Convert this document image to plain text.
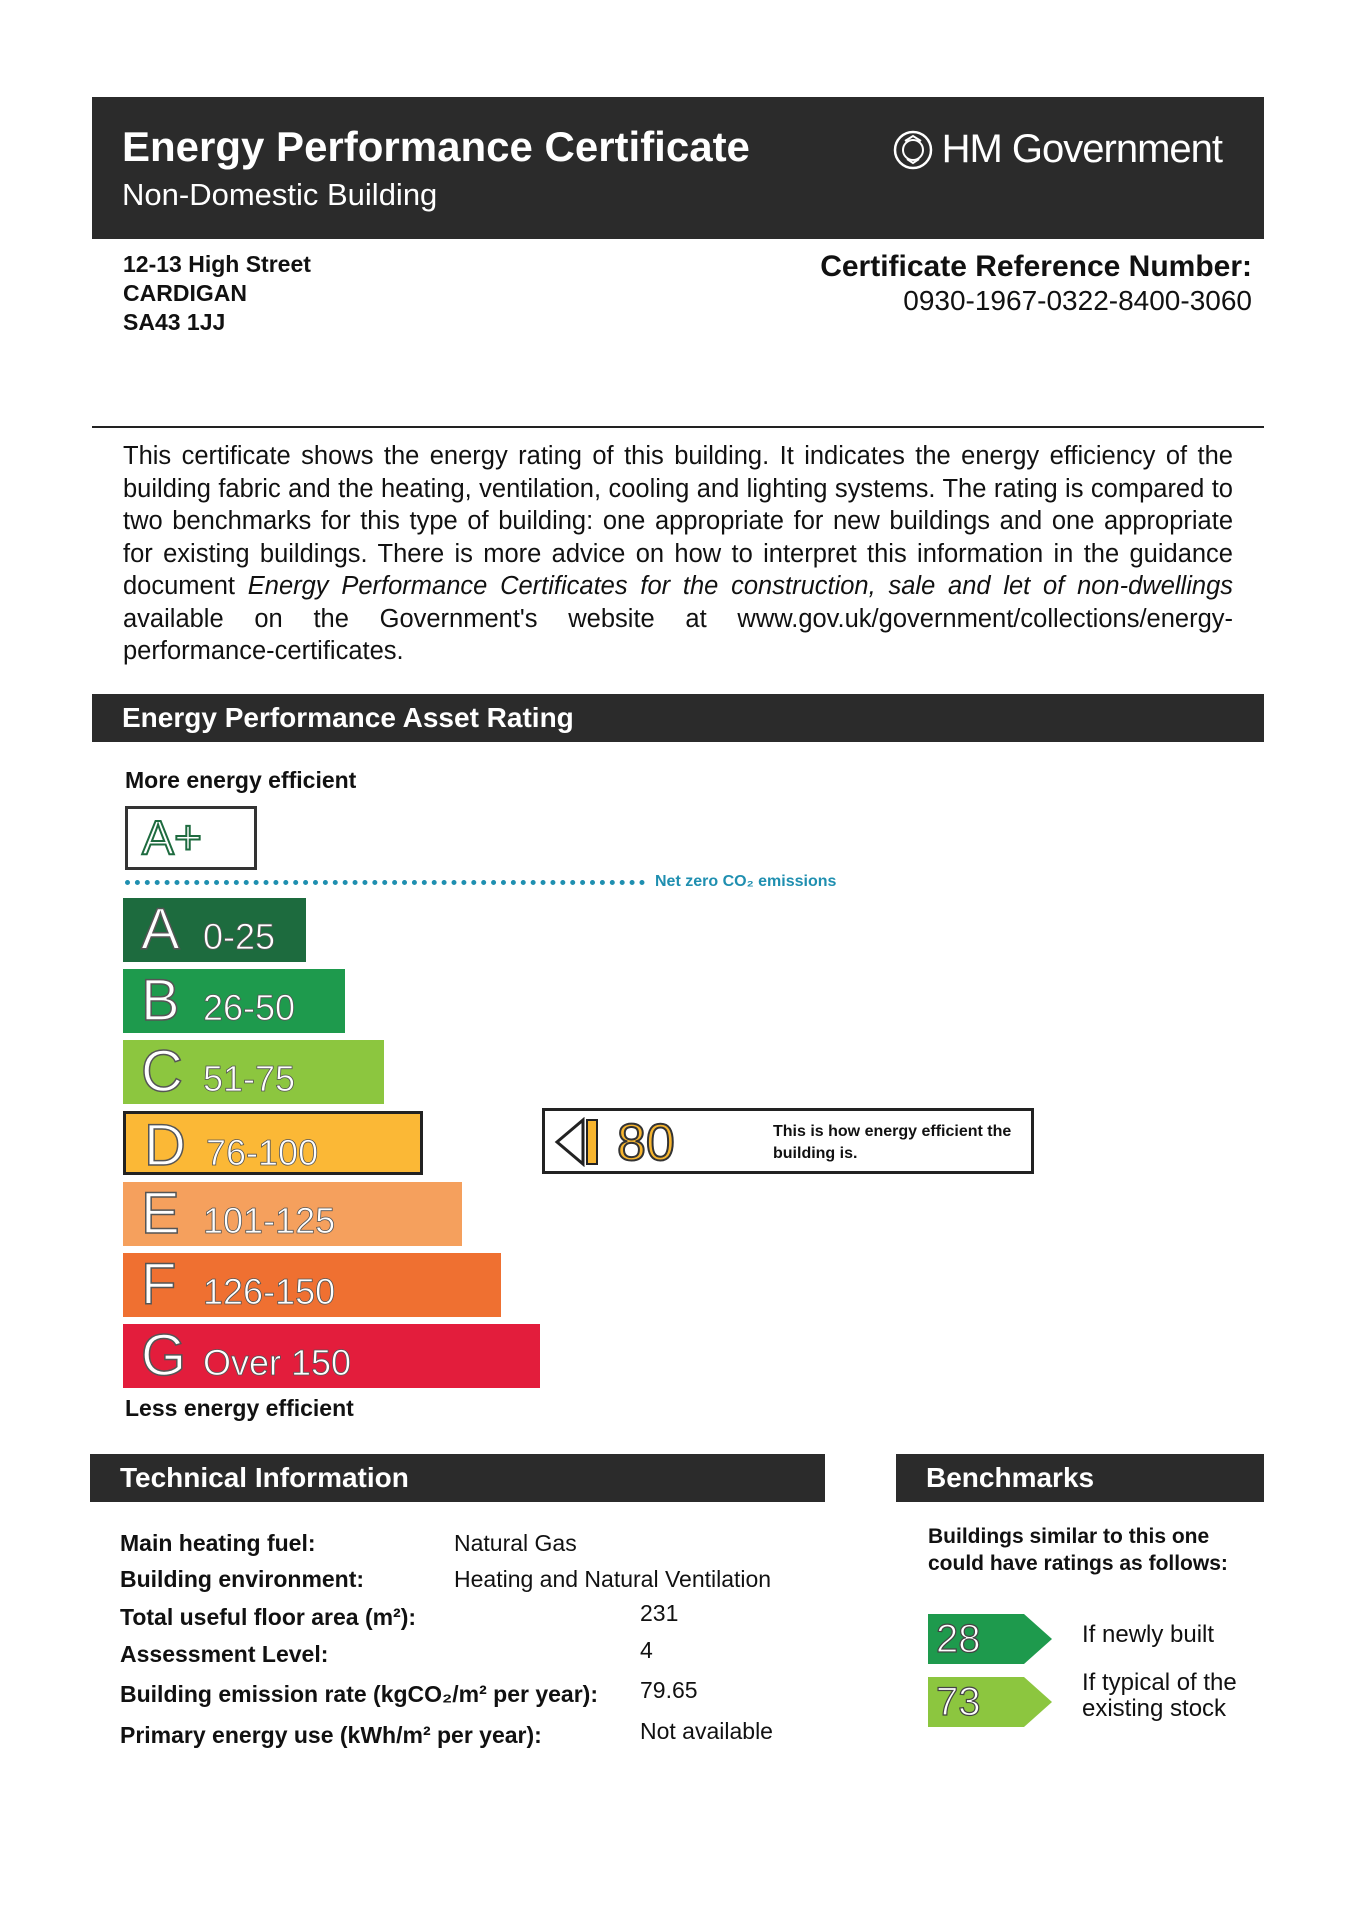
Energy Performance Certificate
Non-Domestic Building
HM Government
12-13 High Street
CARDIGAN
SA43 1JJ
Certificate Reference Number:
0930-1967-0322-8400-3060
This certificate shows the energy rating of this building. It indicates the energy efficiency of the building fabric and the heating, ventilation, cooling and lighting systems. The rating is compared to two benchmarks for this type of building: one appropriate for new buildings and one appropriate for existing buildings. There is more advice on how to interpret this information in the guidance document Energy Performance Certificates for the construction, sale and let of non-dwellings available on the Government's website at www.gov.uk/government/collections/energy-performance-certificates.
Energy Performance Asset Rating
More energy efficient
A+
Net zero CO₂ emissions
A 0-25
B 26-50
C 51-75
D 76-100
E 101-125
F 126-150
G Over 150
80	This is how energy efficient the building is.
Less energy efficient
Technical Information
Main heating fuel:	Natural Gas
Building environment:	Heating and Natural Ventilation
Total useful floor area (m²):	231
Assessment Level:	4
Building emission rate (kgCO₂/m² per year): 79.65
Primary energy use (kWh/m² per year):	Not available
Benchmarks
Buildings similar to this one could have ratings as follows:
28	If newly built
73	If typical of the existing stock
